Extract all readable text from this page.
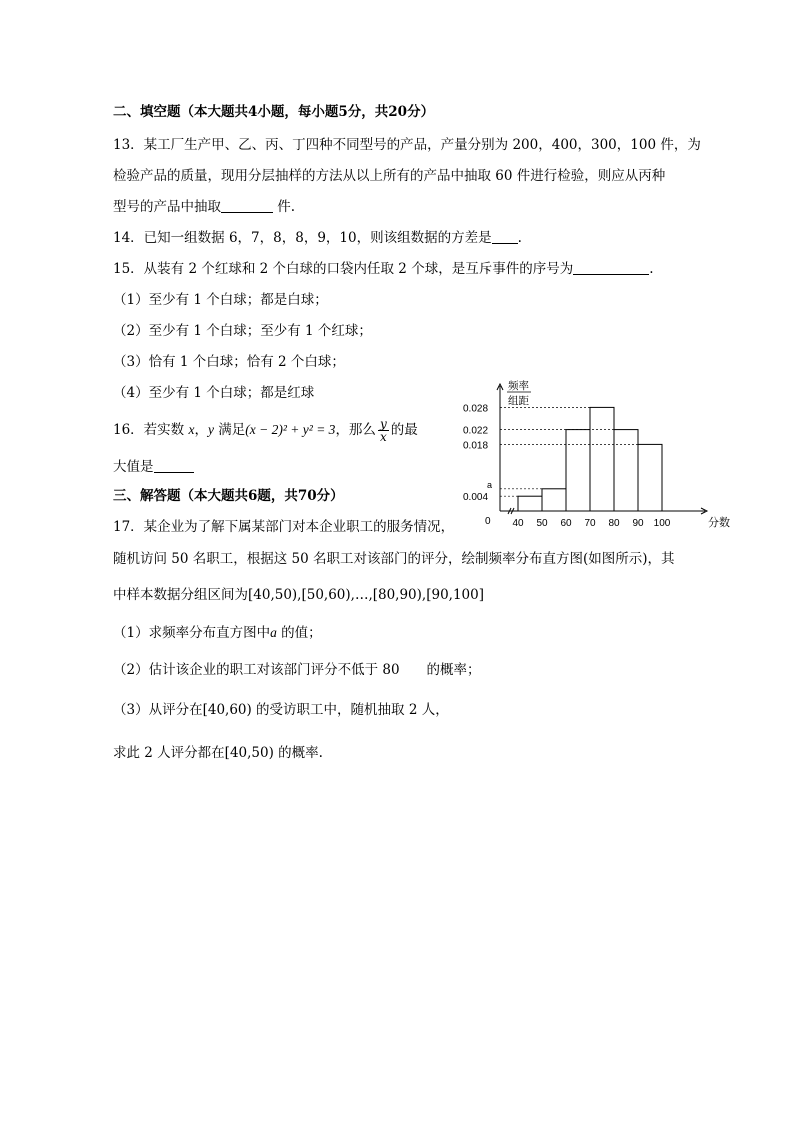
二、填空题（本大题共4小题，每小题5分，共20分）
13．某工厂生产甲、乙、丙、丁四种不同型号的产品，产量分别为 200，400，300，100 件，为
检验产品的质量，现用分层抽样的方法从以上所有的产品中抽取 60 件进行检验，则应从丙种
型号的产品中抽取	件.
14．已知一组数据 6，7，8，8，9，10，则该组数据的方差是 .
15．从装有 2 个红球和 2 个白球的口袋内任取 2 个球，是互斥事件的序号为	.
（1）至少有 1 个白球；都是白球；
（2）至少有 1 个白球；至少有 1 个红球；
（3）恰有 1 个白球；恰有 2 个白球；
（4）至少有 1 个白球；都是红球
16．若实数 x，y 满足(x − 2)² + y² = 3，那么 $\frac{y}{x}$ 的最
大值是
三、解答题（本大题共6题，共70分）
17．某企业为了解下属某部门对本企业职工的服务情况，
随机访问 50 名职工，根据这 50 名职工对该部门的评分，绘制频率分布直方图(如图所示)，其
中样本数据分组区间为[40,50),[50,60),…,[80,90),[90,100]
（1）求频率分布直方图中a 的值；
（2）估计该企业的职工对该部门评分不低于 80　　的概率；
（3）从评分在[40,60) 的受访职工中，随机抽取 2 人，
求此 2 人评分都在[40,50) 的概率.
频率
组距
分数
0
0.028
0.022
0.018
a
0.004
40 50 60 70 80 90 100
